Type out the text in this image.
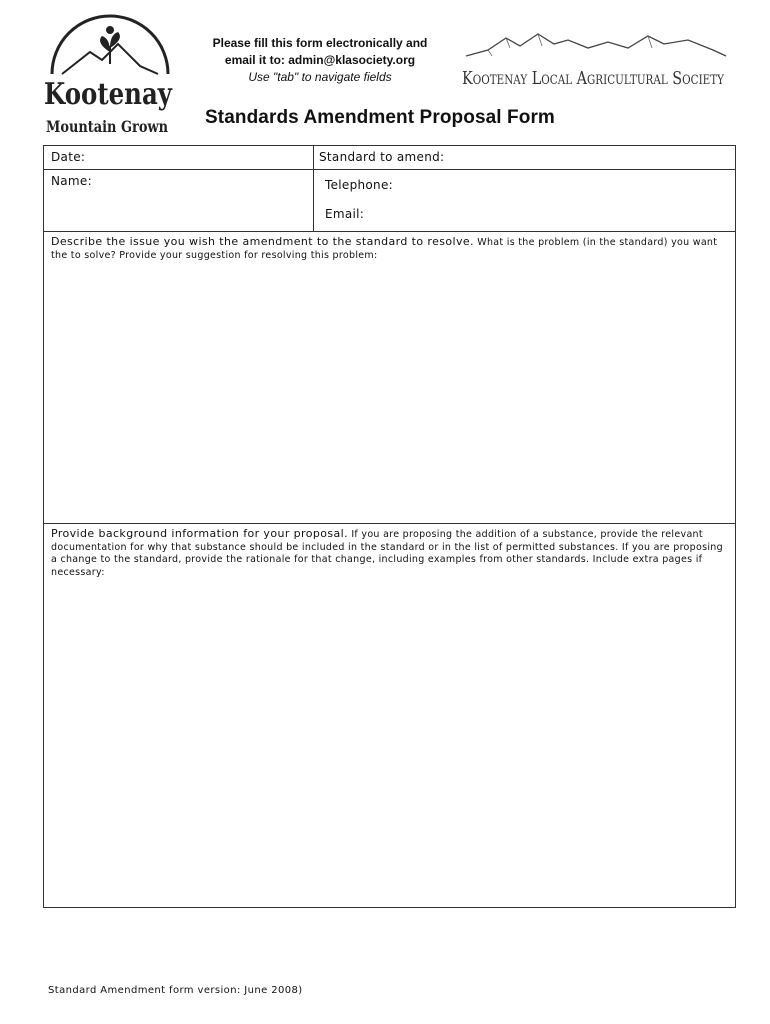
Kootenay
Mountain Grown
Kootenay Local Agricultural Society
Please fill this form electronically and
email it to: admin@klasociety.org
Use "tab" to navigate fields
Standards Amendment Proposal Form
Date:	Standard to amend:
Name:	Telephone:
Email:
Describe the issue you wish the amendment to the standard to resolve. What is the problem (in the standard) you want the to solve? Provide your suggestion for resolving this problem:
Provide background information for your proposal. If you are proposing the addition of a substance, provide the relevant documentation for why that substance should be included in the standard or in the list of permitted substances. If you are proposing a change to the standard, provide the rationale for that change, including examples from other standards. Include extra pages if necessary:
Standard Amendment form version: June 2008)
